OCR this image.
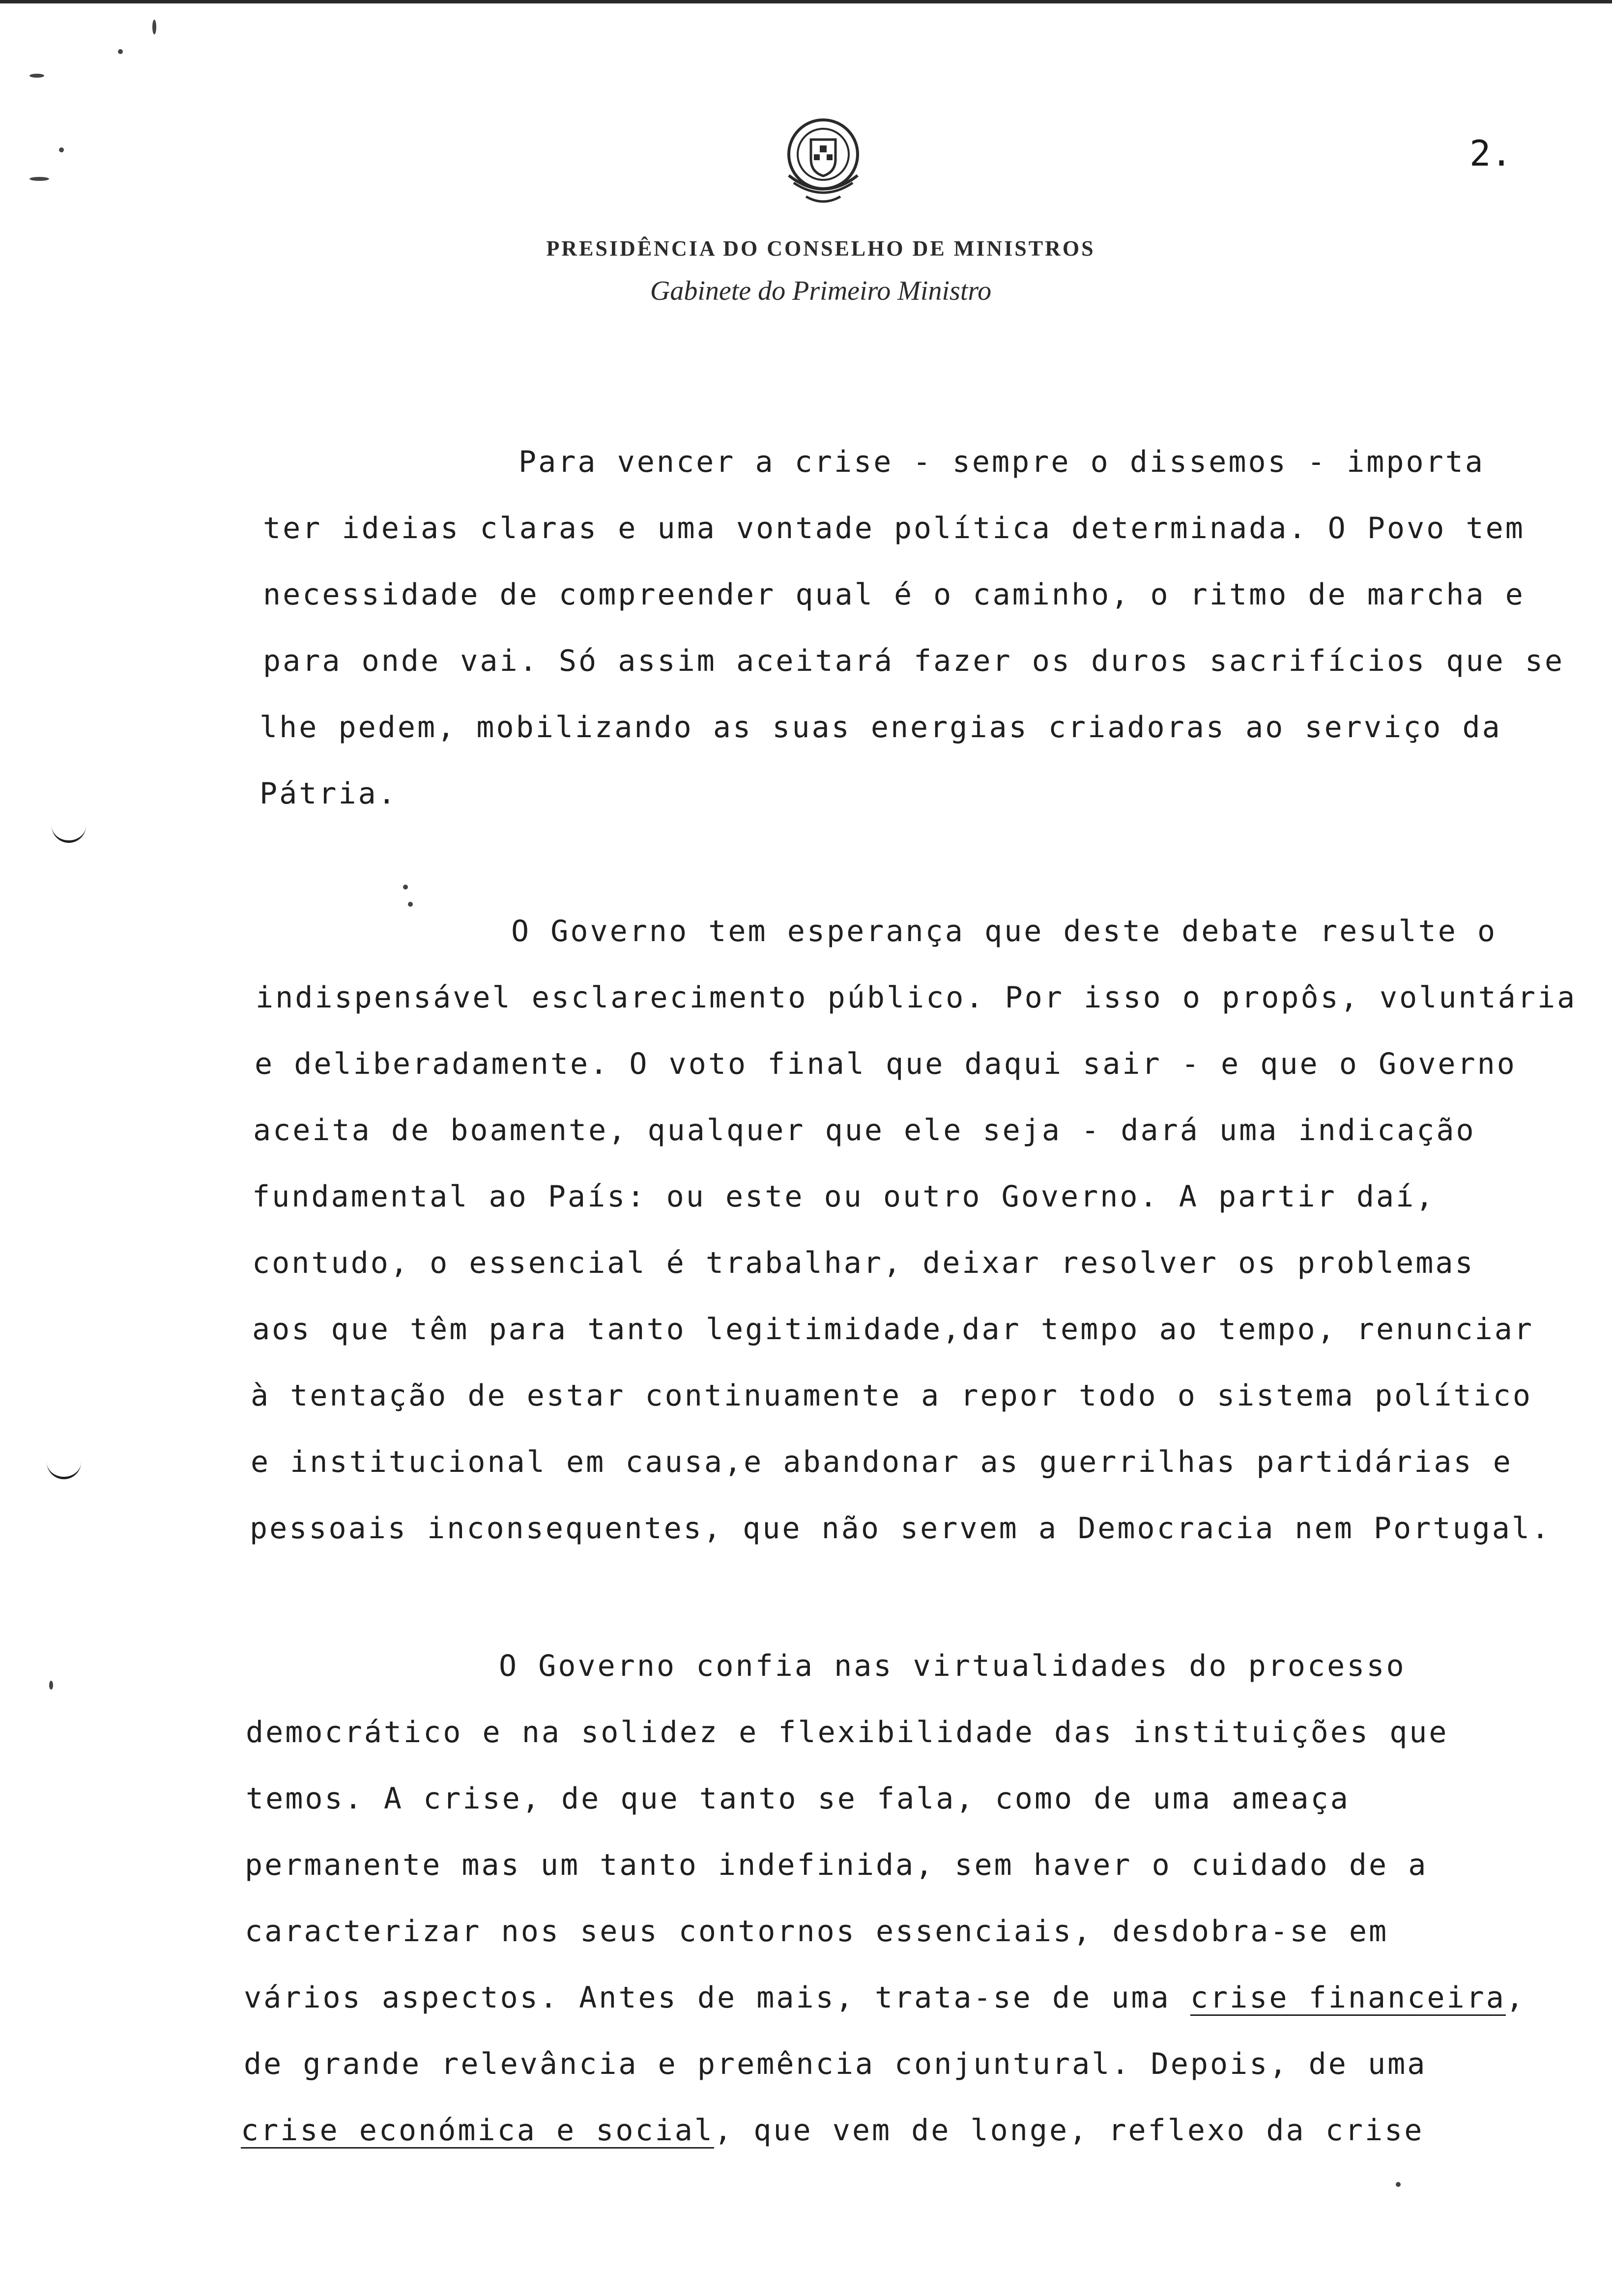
2.
PRESIDÊNCIA DO CONSELHO DE MINISTROS
Gabinete do Primeiro Ministro
Para vencer a crise - sempre o dissemos - importa
ter ideias claras e uma vontade política determinada. O Povo tem
necessidade de compreender qual é o caminho, o ritmo de marcha e
para onde vai. Só assim aceitará fazer os duros sacrifícios que se
lhe pedem, mobilizando as suas energias criadoras ao serviço da
Pátria.
O Governo tem esperança que deste debate resulte o
indispensável esclarecimento público. Por isso o propôs, voluntária
e deliberadamente. O voto final que daqui sair - e que o Governo
aceita de boamente, qualquer que ele seja - dará uma indicação
fundamental ao País: ou este ou outro Governo. A partir daí,
contudo, o essencial é trabalhar, deixar resolver os problemas
aos que têm para tanto legitimidade,dar tempo ao tempo, renunciar
à tentação de estar continuamente a repor todo o sistema político
e institucional em causa,e abandonar as guerrilhas partidárias e
pessoais inconsequentes, que não servem a Democracia nem Portugal.
O Governo confia nas virtualidades do processo
democrático e na solidez e flexibilidade das instituições que
temos. A crise, de que tanto se fala, como de uma ameaça
permanente mas um tanto indefinida, sem haver o cuidado de a
caracterizar nos seus contornos essenciais, desdobra-se em
vários aspectos. Antes de mais, trata-se de uma crise financeira,
de grande relevância e premência conjuntural. Depois, de uma
crise económica e social, que vem de longe, reflexo da crise
